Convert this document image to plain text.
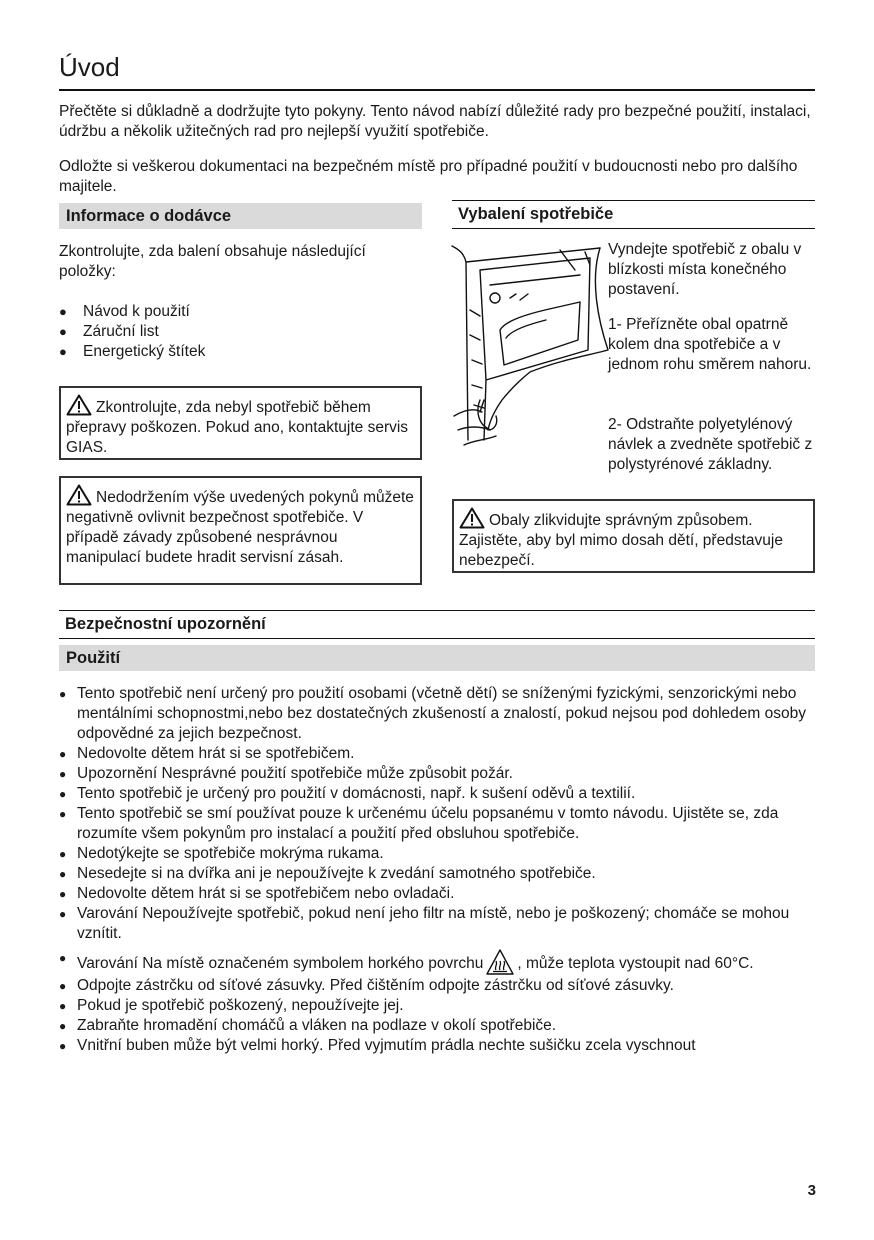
Úvod

Přečtěte si důkladně a dodržujte tyto pokyny. Tento návod nabízí důležité rady pro bezpečné použití, instalaci, údržbu a několik užitečných rad pro nejlepší využití spotřebiče.

Odložte si veškerou dokumentaci na bezpečném místě pro případné použití v budoucnosti nebo pro dalšího majitele.

Informace o dodávce

Zkontrolujte, zda balení obsahuje následující položky:

● Návod k použití
● Záruční list
● Energetický štítek
Zkontrolujte, zda nebyl spotřebič během přepravy poškozen. Pokud ano, kontaktujte servis GIAS.
Nedodržením výše uvedených pokynů můžete negativně ovlivnit bezpečnost spotřebiče. V případě závady způsobené nesprávnou manipulací budete hradit servisní zásah.
Vybalení spotřebiče

Vyndejte spotřebič z obalu v blízkosti místa konečného postavení.

1- Přeřízněte obal opatrně kolem dna spotřebiče a v jednom rohu směrem nahoru.

2- Odstraňte polyetylénový návlek a zvedněte spotřebič z polystyrénové základny.

Obaly zlikvidujte správným způsobem. Zajistěte, aby byl mimo dosah dětí, představuje nebezpečí.
Bezpečnostní upozornění
Použití
● Tento spotřebič není určený pro použití osobami (včetně dětí) se sníženými fyzickými, senzorickými nebo mentálními schopnostmi,nebo bez dostatečných zkušeností a znalostí, pokud nejsou pod dohledem osoby odpovědné za jejich bezpečnost.
● Nedovolte dětem hrát si se spotřebičem.
● Upozornění Nesprávné použití spotřebiče může způsobit požár.
● Tento spotřebič je určený pro použití v domácnosti, např. k sušení oděvů a textilií.
● Tento spotřebič se smí používat pouze k určenému účelu popsanému v tomto návodu. Ujistěte se, zda rozumíte všem pokynům pro instalací a použití před obsluhou spotřebiče.
● Nedotýkejte se spotřebiče mokrýma rukama.
● Nesedejte si na dvířka ani je nepoužívejte k zvedání samotného spotřebiče.
● Nedovolte dětem hrát si se spotřebičem nebo ovladači.
● Varování Nepoužívejte spotřebič, pokud není jeho filtr na místě, nebo je poškozený; chomáče se mohou vznítit.
● Varování Na místě označeném symbolem horkého povrchu , může teplota vystoupit nad 60°C.
● Odpojte zástrčku od síťové zásuvky. Před čištěním odpojte zástrčku od síťové zásuvky.
● Pokud je spotřebič poškozený, nepoužívejte jej.
● Zabraňte hromadění chomáčů a vláken na podlaze v okolí spotřebiče.
● Vnitřní buben může být velmi horký. Před vyjmutím prádla nechte sušičku zcela vyschnout
3
